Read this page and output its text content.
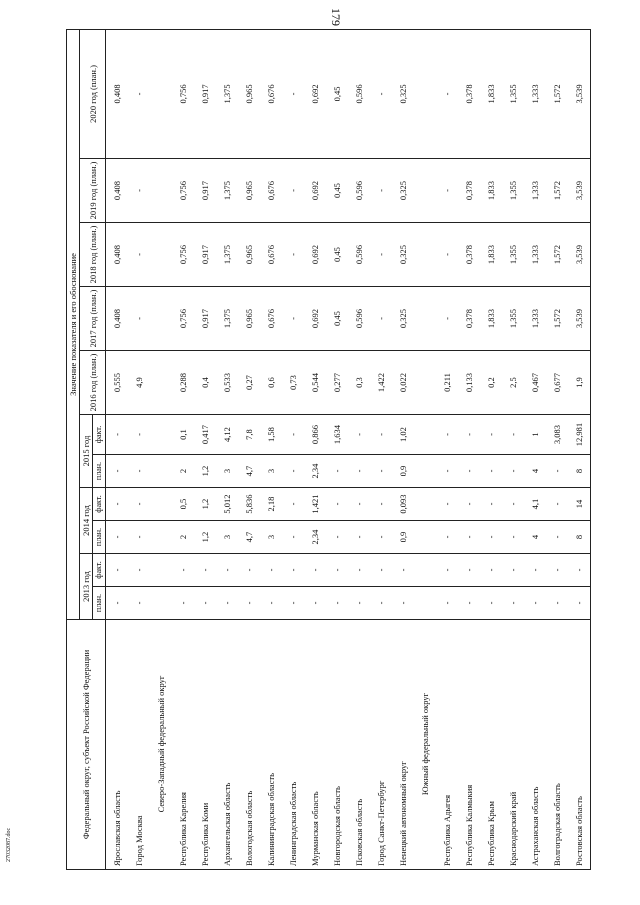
179
27032087.doc
Федеральный округ, субъект Российской Федерации	Значение показателя и его обоснование										
	2013 год		2014 год		2015 год		2016 год (план.)	2017 год (план.)	2018 год (план.)	2019 год (план.)	2020 год (план.)
	план.	факт.	план.	факт.	план.	факт.					
Ярославская область	-	-	-	-	-	-	0,555	0,408	0,408	0,408	0,408
Город Москва	-	-	-	-	-	-	4,9	-	-	-	-
Северо-Западный федеральный округ											
Республика Карелия	-	-	2	0,5	2	0,1	0,288	0,756	0,756	0,756	0,756
Республика Коми	-	-	1,2	1,2	1,2	0,417	0,4	0,917	0,917	0,917	0,917
Архангельская область	-	-	3	5,012	3	4,12	0,533	1,375	1,375	1,375	1,375
Вологодская область	-	-	4,7	5,836	4,7	7,8	0,27	0,965	0,965	0,965	0,965
Калининградская область	-	-	3	2,18	3	1,58	0,6	0,676	0,676	0,676	0,676
Ленинградская область	-	-	-	-	-	-	0,73	-	-	-	-
Мурманская область	-	-	2,34	1,421	2,34	0,866	0,544	0,692	0,692	0,692	0,692
Новгородская область	-	-	-	-	-	1,634	0,277	0,45	0,45	0,45	0,45
Псковская область	-	-	-	-	-	-	0,3	0,596	0,596	0,596	0,596
Город Санкт-Петербург	-	-	-	-	-	-	1,422	-	-	-	-
Ненецкий автономный округ	-	-	0,9	0,093	0,9	1,02	0,022	0,325	0,325	0,325	0,325
Южный федеральный округ											
Республика Адыгея	-	-	-	-	-	-	0,211	-	-	-	-
Республика Калмыкия	-	-	-	-	-	-	0,133	0,378	0,378	0,378	0,378
Республика Крым	-	-	-	-	-	-	0,2	1,833	1,833	1,833	1,833
Краснодарский край	-	-	-	-	-	-	2,5	1,355	1,355	1,355	1,355
Астраханская область	-	-	4	4,1	4	1	0,467	1,333	1,333	1,333	1,333
Волгоградская область	-	-	-	-	-	3,083	0,677	1,572	1,572	1,572	1,572
Ростовская область	-	-	8	14	8	12,981	1,9	3,539	3,539	3,539	3,539
